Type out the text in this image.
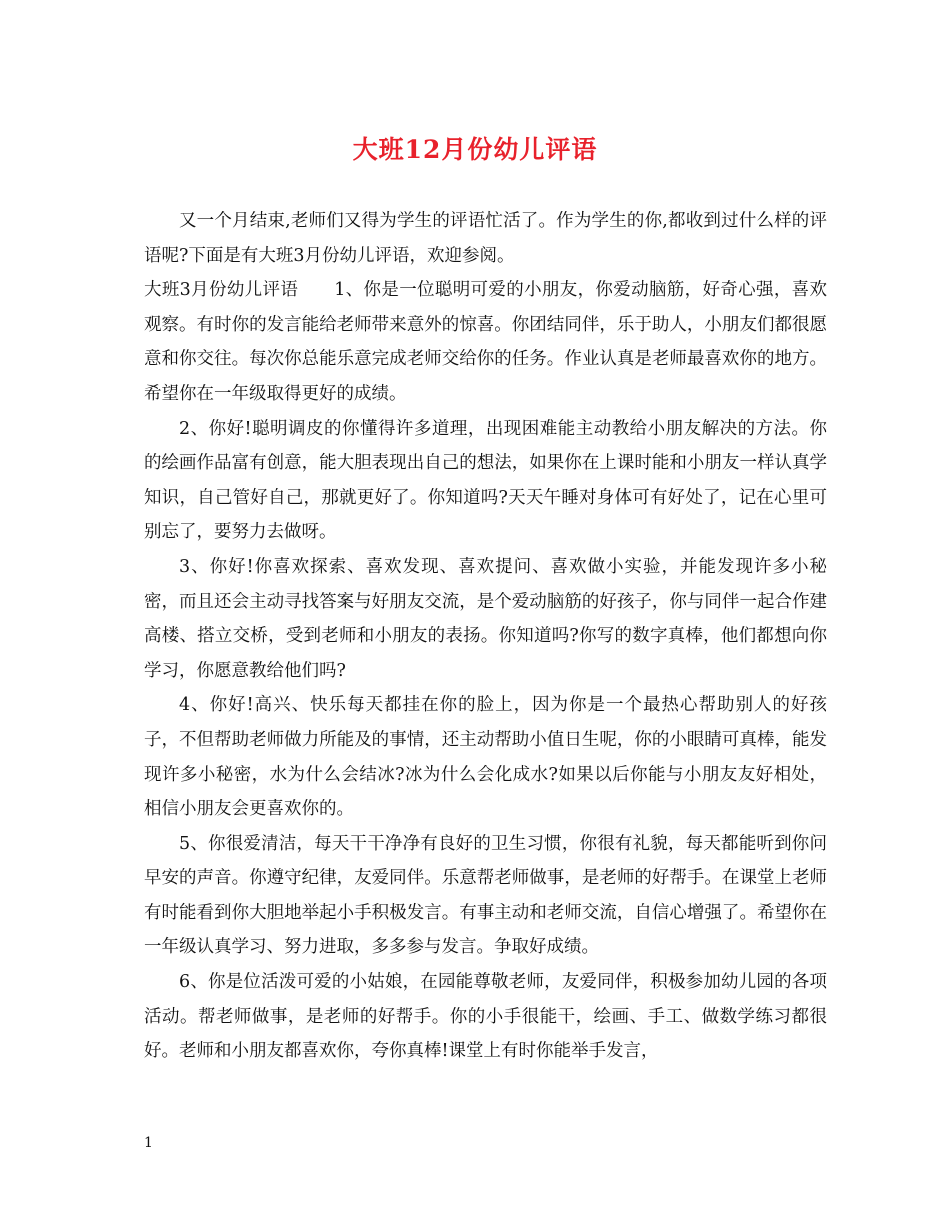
大班12月份幼儿评语

又一个月结束,老师们又得为学生的评语忙活了。作为学生的你,都收到过什么样的评语呢?下面是有大班3月份幼儿评语，欢迎参阅。

大班3月份幼儿评语 1、你是一位聪明可爱的小朋友，你爱动脑筋，好奇心强，喜欢观察。有时你的发言能给老师带来意外的惊喜。你团结同伴，乐于助人，小朋友们都很愿意和你交往。每次你总能乐意完成老师交给你的任务。作业认真是老师最喜欢你的地方。希望你在一年级取得更好的成绩。

2、你好!聪明调皮的你懂得许多道理，出现困难能主动教给小朋友解决的方法。你的绘画作品富有创意，能大胆表现出自己的想法，如果你在上课时能和小朋友一样认真学知识，自己管好自己，那就更好了。你知道吗?天天午睡对身体可有好处了，记在心里可别忘了，要努力去做呀。

3、你好!你喜欢探索、喜欢发现、喜欢提问、喜欢做小实验，并能发现许多小秘密，而且还会主动寻找答案与好朋友交流，是个爱动脑筋的好孩子，你与同伴一起合作建高楼、搭立交桥，受到老师和小朋友的表扬。你知道吗?你写的数字真棒，他们都想向你学习，你愿意教给他们吗?

4、你好!高兴、快乐每天都挂在你的脸上，因为你是一个最热心帮助别人的好孩子，不但帮助老师做力所能及的事情，还主动帮助小值日生呢，你的小眼睛可真棒，能发现许多小秘密，水为什么会结冰?冰为什么会化成水?如果以后你能与小朋友友好相处，相信小朋友会更喜欢你的。

5、你很爱清洁，每天干干净净有良好的卫生习惯，你很有礼貌，每天都能听到你问早安的声音。你遵守纪律，友爱同伴。乐意帮老师做事，是老师的好帮手。在课堂上老师有时能看到你大胆地举起小手积极发言。有事主动和老师交流，自信心增强了。希望你在一年级认真学习、努力进取，多多参与发言。争取好成绩。

6、你是位活泼可爱的小姑娘，在园能尊敬老师，友爱同伴，积极参加幼儿园的各项活动。帮老师做事，是老师的好帮手。你的小手很能干，绘画、手工、做数学练习都很好。老师和小朋友都喜欢你，夸你真棒!课堂上有时你能举手发言，

1
